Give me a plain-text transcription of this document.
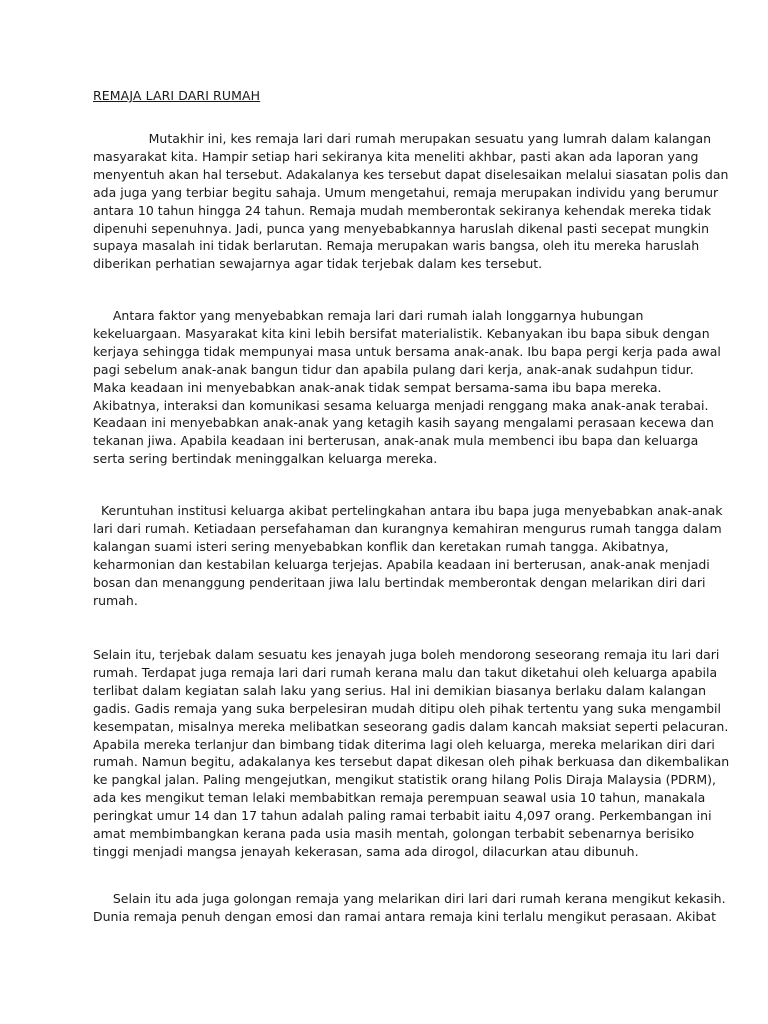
REMAJA LARI DARI RUMAH
Mutakhir ini, kes remaja lari dari rumah merupakan sesuatu yang lumrah dalam kalangan
masyarakat kita. Hampir setiap hari sekiranya kita meneliti akhbar, pasti akan ada laporan yang
menyentuh akan hal tersebut. Adakalanya kes tersebut dapat diselesaikan melalui siasatan polis dan
ada juga yang terbiar begitu sahaja. Umum mengetahui, remaja merupakan individu yang berumur
antara 10 tahun hingga 24 tahun. Remaja mudah memberontak sekiranya kehendak mereka tidak
dipenuhi sepenuhnya. Jadi, punca yang menyebabkannya haruslah dikenal pasti secepat mungkin
supaya masalah ini tidak berlarutan. Remaja merupakan waris bangsa, oleh itu mereka haruslah
diberikan perhatian sewajarnya agar tidak terjebak dalam kes tersebut.
Antara faktor yang menyebabkan remaja lari dari rumah ialah longgarnya hubungan
kekeluargaan. Masyarakat kita kini lebih bersifat materialistik. Kebanyakan ibu bapa sibuk dengan
kerjaya sehingga tidak mempunyai masa untuk bersama anak-anak. Ibu bapa pergi kerja pada awal
pagi sebelum anak-anak bangun tidur dan apabila pulang dari kerja, anak-anak sudahpun tidur.
Maka keadaan ini menyebabkan anak-anak tidak sempat bersama-sama ibu bapa mereka.
Akibatnya, interaksi dan komunikasi sesama keluarga menjadi renggang maka anak-anak terabai.
Keadaan ini menyebabkan anak-anak yang ketagih kasih sayang mengalami perasaan kecewa dan
tekanan jiwa. Apabila keadaan ini berterusan, anak-anak mula membenci ibu bapa dan keluarga
serta sering bertindak meninggalkan keluarga mereka.
Keruntuhan institusi keluarga akibat pertelingkahan antara ibu bapa juga menyebabkan anak-anak
lari dari rumah. Ketiadaan persefahaman dan kurangnya kemahiran mengurus rumah tangga dalam
kalangan suami isteri sering menyebabkan konflik dan keretakan rumah tangga. Akibatnya,
keharmonian dan kestabilan keluarga terjejas. Apabila keadaan ini berterusan, anak-anak menjadi
bosan dan menanggung penderitaan jiwa lalu bertindak memberontak dengan melarikan diri dari
rumah.
Selain itu, terjebak dalam sesuatu kes jenayah juga boleh mendorong seseorang remaja itu lari dari
rumah. Terdapat juga remaja lari dari rumah kerana malu dan takut diketahui oleh keluarga apabila
terlibat dalam kegiatan salah laku yang serius. Hal ini demikian biasanya berlaku dalam kalangan
gadis. Gadis remaja yang suka berpelesiran mudah ditipu oleh pihak tertentu yang suka mengambil
kesempatan, misalnya mereka melibatkan seseorang gadis dalam kancah maksiat seperti pelacuran.
Apabila mereka terlanjur dan bimbang tidak diterima lagi oleh keluarga, mereka melarikan diri dari
rumah. Namun begitu, adakalanya kes tersebut dapat dikesan oleh pihak berkuasa dan dikembalikan
ke pangkal jalan. Paling mengejutkan, mengikut statistik orang hilang Polis Diraja Malaysia (PDRM),
ada kes mengikut teman lelaki membabitkan remaja perempuan seawal usia 10 tahun, manakala
peringkat umur 14 dan 17 tahun adalah paling ramai terbabit iaitu 4,097 orang. Perkembangan ini
amat membimbangkan kerana pada usia masih mentah, golongan terbabit sebenarnya berisiko
tinggi menjadi mangsa jenayah kekerasan, sama ada dirogol, dilacurkan atau dibunuh.
Selain itu ada juga golongan remaja yang melarikan diri lari dari rumah kerana mengikut kekasih.
Dunia remaja penuh dengan emosi dan ramai antara remaja kini terlalu mengikut perasaan. Akibat
